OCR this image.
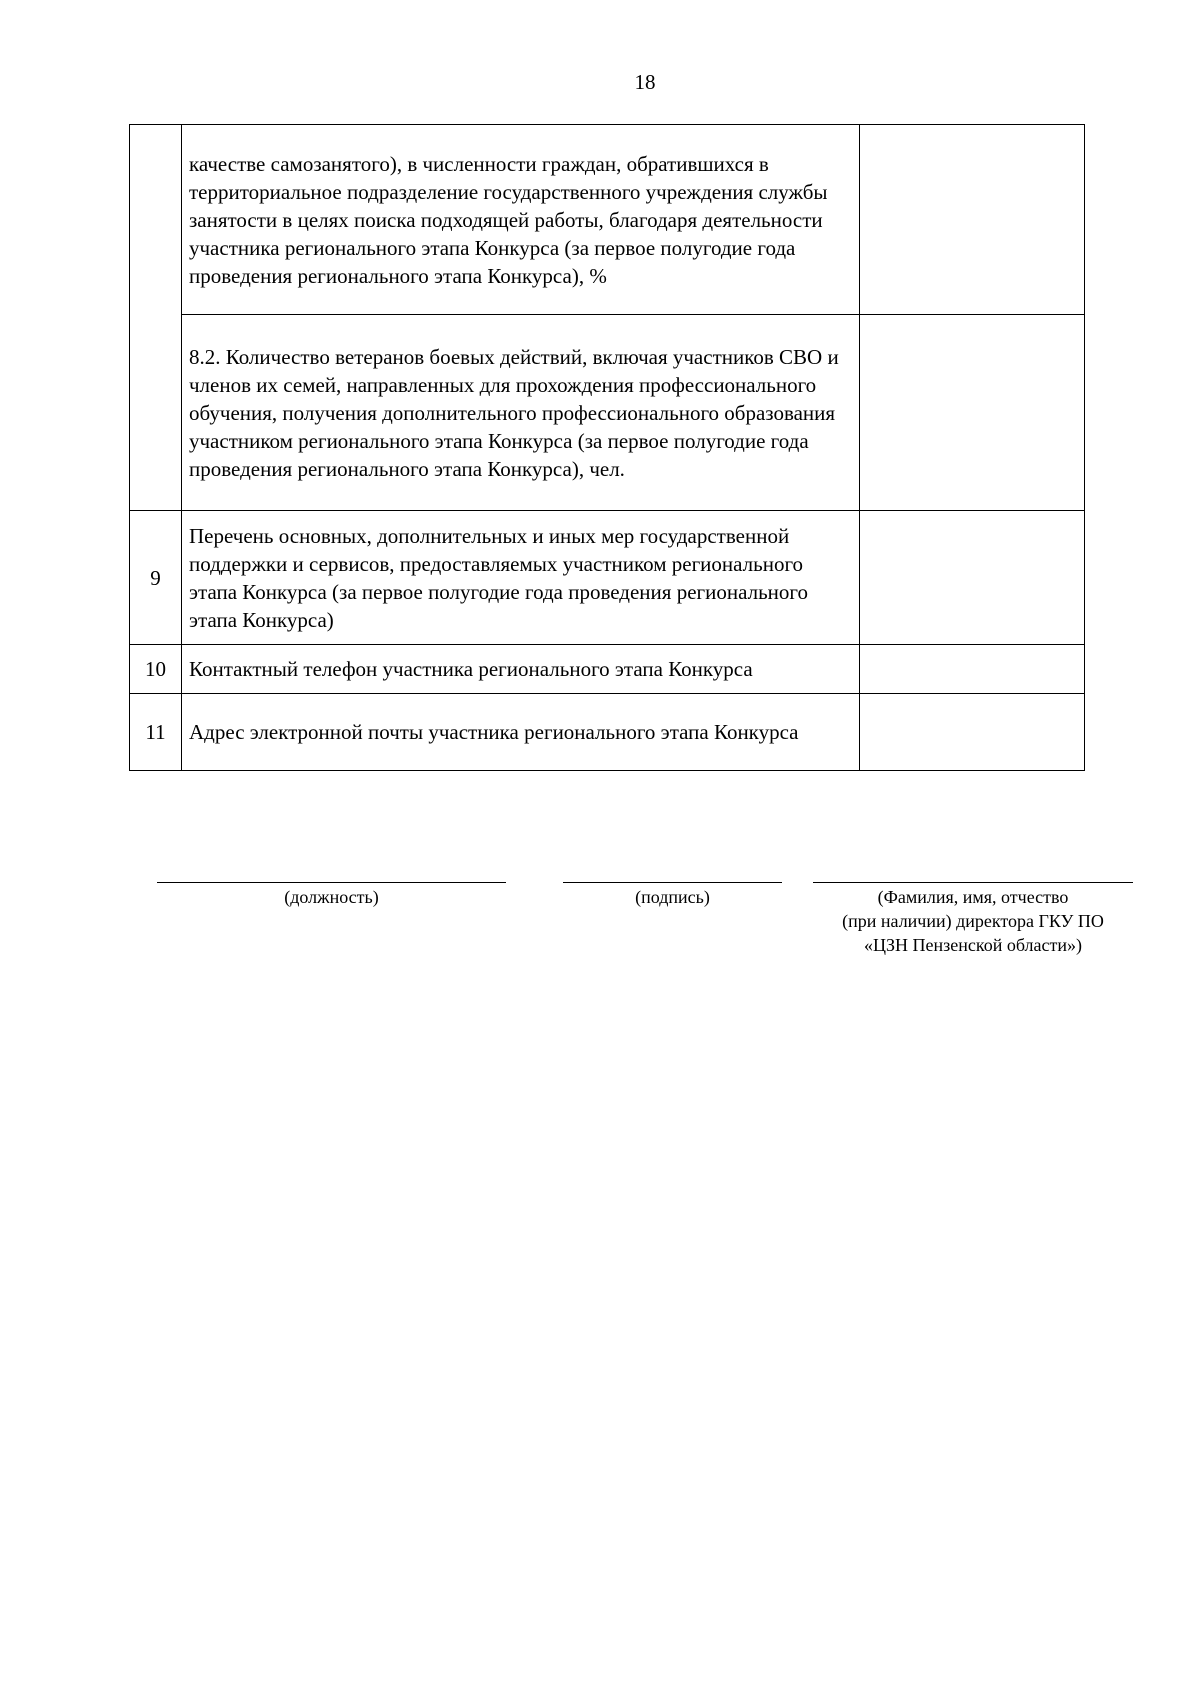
18
	качестве самозанятого), в численности граждан, обратившихся в территориальное подразделение государственного учреждения службы занятости в целях поиска подходящей работы, благодаря деятельности участника регионального этапа Конкурса (за первое полугодие года проведения регионального этапа Конкурса), %	
	8.2. Количество ветеранов боевых действий, включая участников СВО и членов их семей, направленных для прохождения профессионального обучения, получения дополнительного профессионального образования участником регионального этапа Конкурса (за первое полугодие года проведения регионального этапа Конкурса), чел.	
9	Перечень основных, дополнительных и иных мер государственной поддержки и сервисов, предоставляемых участником регионального этапа Конкурса (за первое полугодие года проведения регионального этапа Конкурса)	
10	Контактный телефон участника регионального этапа Конкурса	
11	Адрес электронной почты участника регионального этапа Конкурса	
(должность)	(подпись)	(Фамилия, имя, отчество
(при наличии) директора ГКУ ПО
«ЦЗН Пензенской области»)
